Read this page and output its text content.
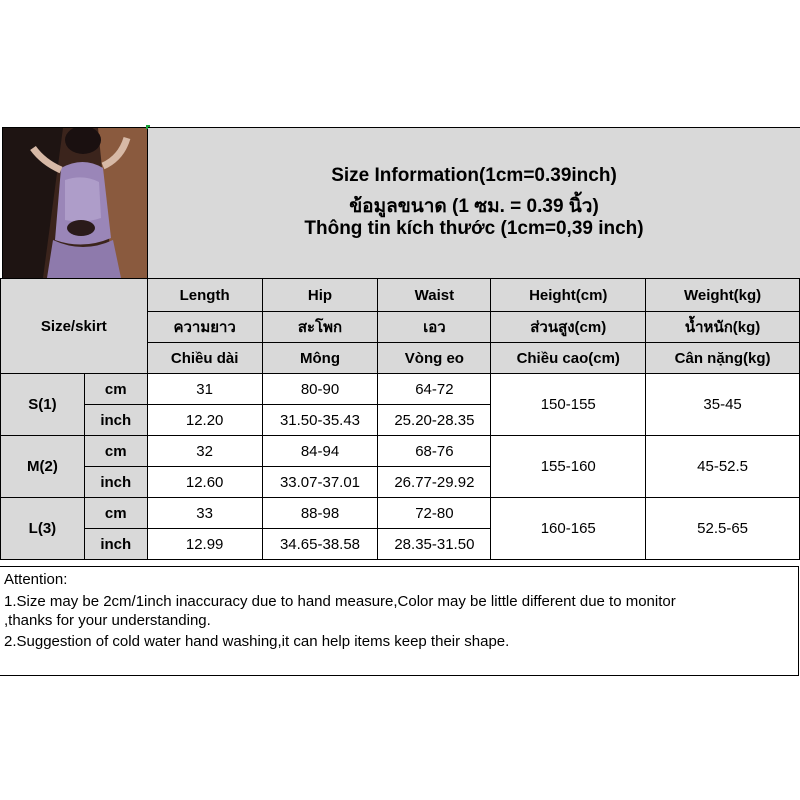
Size Information(1cm=0.39inch)
ข้อมูลขนาด (1 ซม. = 0.39 นิ้ว)
Thông tin kích thước (1cm=0,39 inch)
Size/skirt		Length	Hip	Waist	Height(cm)	Weight(kg)
		ความยาว	สะโพก	เอว	ส่วนสูง(cm)	น้ำหนัก(kg)
		Chiều dài	Mông	Vòng eo	Chiều cao(cm)	Cân nặng(kg)
S(1)	cm	31	80-90	64-72	150-155	35-45
	inch	12.20	31.50-35.43	25.20-28.35		
M(2)	cm	32	84-94	68-76	155-160	45-52.5
	inch	12.60	33.07-37.01	26.77-29.92		
L(3)	cm	33	88-98	72-80	160-165	52.5-65
	inch	12.99	34.65-38.58	28.35-31.50		
Attention:
1.Size may be 2cm/1inch inaccuracy due to hand measure,Color may be little different due to monitor
,thanks for your understanding.
2.Suggestion of cold water hand washing,it can help items keep their shape.
